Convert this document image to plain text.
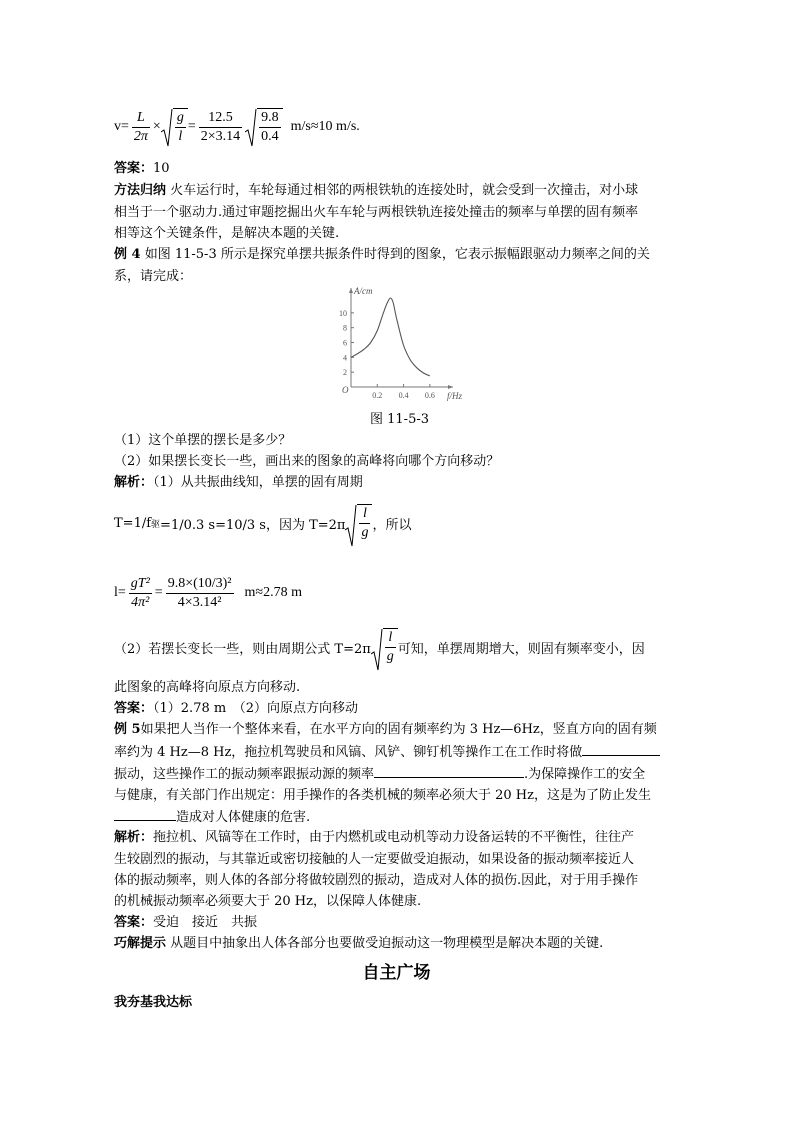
$v= \frac{L}{2\pi} \times \frac{g}{l} = \frac{12.5}{2\times 3.14} \frac{9.8}{0.4} m/s\approx 10$ m/s.
答案：10
方法归纳 火车运行时，车轮每通过相邻的两根铁轨的连接处时，就会受到一次撞击，对小球
相当于一个驱动力.通过审题挖掘出火车车轮与两根铁轨连接处撞击的频率与单摆的固有频率
相等这个关键条件，是解决本题的关键.
例 4 如图 11-5-3 所示是探究单摆共振条件时得到的图象，它表示振幅跟驱动力频率之间的关
系，请完成：
A/cm
f/Hz
O
2
4
6
8
10
0.2 0.4 0.6
图 11-5-3
（1）这个单摆的摆长是多少？
（2）如果摆长变长一些，画出来的图象的高峰将向哪个方向移动？
解析：（1）从共振曲线知，单摆的固有周期
T=1/f 驱 =1/0.3 s=10/3 s，因为 $T=2\pi \frac{l}{g}$ ，所以
$l= \frac{\text{gT²}}{\text{4π²}} = \frac{\text{9.8×(10/3)²}}{\text{4×3.14²}} m\approx 2.78$ m
（2）若摆长变长一些，则由周期公式 $T=2\pi \frac{l}{g}$ 可知，单摆周期增大，则固有频率变小，因
此图象的高峰将向原点方向移动.
答案：（1）2.78 m　（2）向原点方向移动
例 5如果把人当作一个整体来看，在水平方向的固有频率约为 3 Hz—6Hz，竖直方向的固有频
率约为 4 Hz—8 Hz，拖拉机驾驶员和风镐、风铲、铆钉机等操作工在工作时将做
振动，这些操作工的振动频率跟振动源的频率	.为保障操作工的安全
与健康，有关部门作出规定：用手操作的各类机械的频率必须大于 20 Hz，这是为了防止发生
造成对人体健康的危害.
解析：拖拉机、风镐等在工作时，由于内燃机或电动机等动力设备运转的不平衡性，往往产
生较剧烈的振动，与其靠近或密切接触的人一定要做受迫振动，如果设备的振动频率接近人
体的振动频率，则人体的各部分将做较剧烈的振动，造成对人体的损伤.因此，对于用手操作
的机械振动频率必须要大于 20 Hz，以保障人体健康.
答案：受迫　接近　共振
巧解提示 从题目中抽象出人体各部分也要做受迫振动这一物理模型是解决本题的关键.
自主广场
我夯基我达标
